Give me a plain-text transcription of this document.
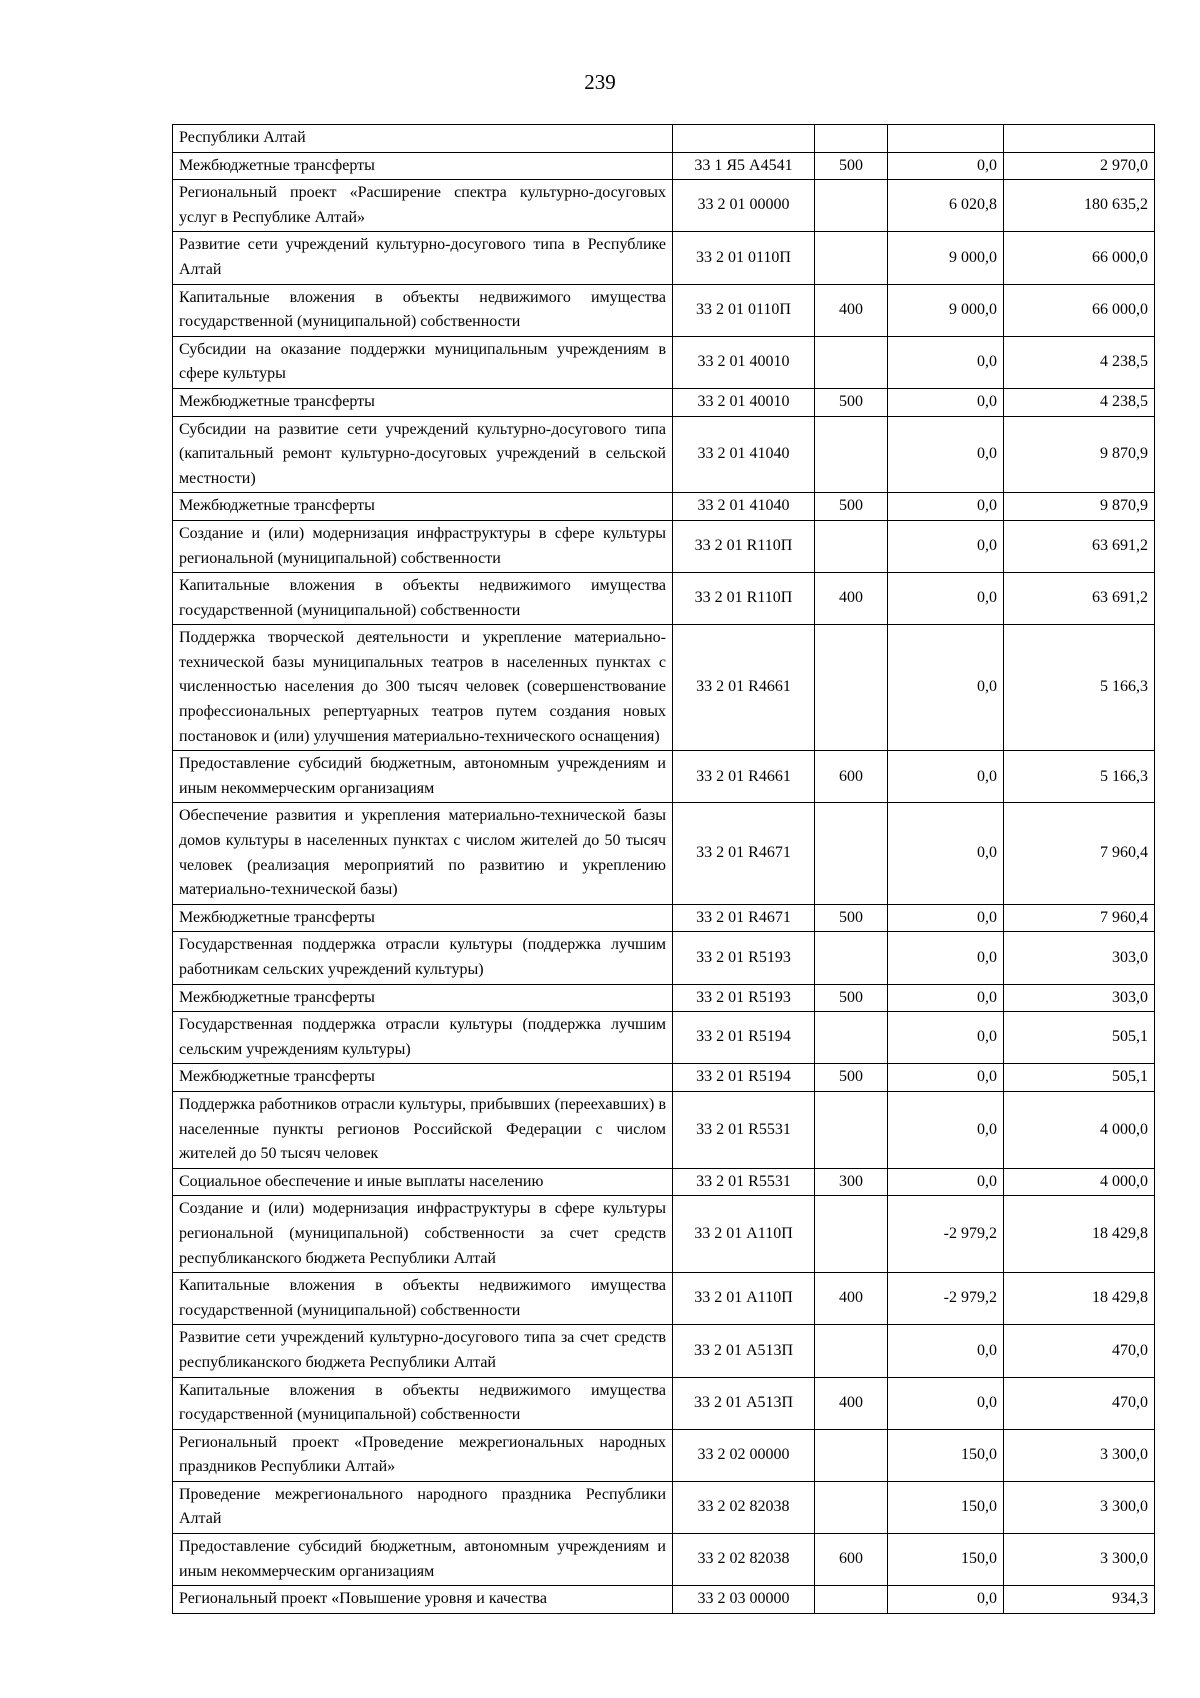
239
Республики Алтай				
Межбюджетные трансферты	33 1 Я5 А4541	500	0,0	2 970,0
Региональный проект «Расширение спектра культурно-досуговых услуг в Республике Алтай»	33 2 01 00000		6 020,8	180 635,2
Развитие сети учреждений культурно-досугового типа в Республике Алтай	33 2 01 0110П		9 000,0	66 000,0
Капитальные вложения в объекты недвижимого имущества государственной (муниципальной) собственности	33 2 01 0110П	400	9 000,0	66 000,0
Субсидии на оказание поддержки муниципальным учреждениям в сфере культуры	33 2 01 40010		0,0	4 238,5
Межбюджетные трансферты	33 2 01 40010	500	0,0	4 238,5
Субсидии на развитие сети учреждений культурно-досугового типа (капитальный ремонт культурно-досуговых учреждений в сельской местности)	33 2 01 41040		0,0	9 870,9
Межбюджетные трансферты	33 2 01 41040	500	0,0	9 870,9
Создание и (или) модернизация инфраструктуры в сфере культуры региональной (муниципальной) собственности	33 2 01 R110П		0,0	63 691,2
Капитальные вложения в объекты недвижимого имущества государственной (муниципальной) собственности	33 2 01 R110П	400	0,0	63 691,2
Поддержка творческой деятельности и укрепление материально-технической базы муниципальных театров в населенных пунктах с численностью населения до 300 тысяч человек (совершенствование профессиональных репертуарных театров путем создания новых постановок и (или) улучшения материально-технического оснащения)	33 2 01 R4661		0,0	5 166,3
Предоставление субсидий бюджетным, автономным учреждениям и иным некоммерческим организациям	33 2 01 R4661	600	0,0	5 166,3
Обеспечение развития и укрепления материально-технической базы домов культуры в населенных пунктах с числом жителей до 50 тысяч человек (реализация мероприятий по развитию и укреплению материально-технической базы)	33 2 01 R4671		0,0	7 960,4
Межбюджетные трансферты	33 2 01 R4671	500	0,0	7 960,4
Государственная поддержка отрасли культуры (поддержка лучшим работникам сельских учреждений культуры)	33 2 01 R5193		0,0	303,0
Межбюджетные трансферты	33 2 01 R5193	500	0,0	303,0
Государственная поддержка отрасли культуры (поддержка лучшим сельским учреждениям культуры)	33 2 01 R5194		0,0	505,1
Межбюджетные трансферты	33 2 01 R5194	500	0,0	505,1
Поддержка работников отрасли культуры, прибывших (переехавших) в населенные пункты регионов Российской Федерации с числом жителей до 50 тысяч человек	33 2 01 R5531		0,0	4 000,0
Социальное обеспечение и иные выплаты населению	33 2 01 R5531	300	0,0	4 000,0
Создание и (или) модернизация инфраструктуры в сфере культуры региональной (муниципальной) собственности за счет средств республиканского бюджета Республики Алтай	33 2 01 А110П		-2 979,2	18 429,8
Капитальные вложения в объекты недвижимого имущества государственной (муниципальной) собственности	33 2 01 А110П	400	-2 979,2	18 429,8
Развитие сети учреждений культурно-досугового типа за счет средств республиканского бюджета Республики Алтай	33 2 01 А513П		0,0	470,0
Капитальные вложения в объекты недвижимого имущества государственной (муниципальной) собственности	33 2 01 А513П	400	0,0	470,0
Региональный проект «Проведение межрегиональных народных праздников Республики Алтай»	33 2 02 00000		150,0	3 300,0
Проведение межрегионального народного праздника Республики Алтай	33 2 02 82038		150,0	3 300,0
Предоставление субсидий бюджетным, автономным учреждениям и иным некоммерческим организациям	33 2 02 82038	600	150,0	3 300,0
Региональный проект «Повышение уровня и качества	33 2 03 00000		0,0	934,3
